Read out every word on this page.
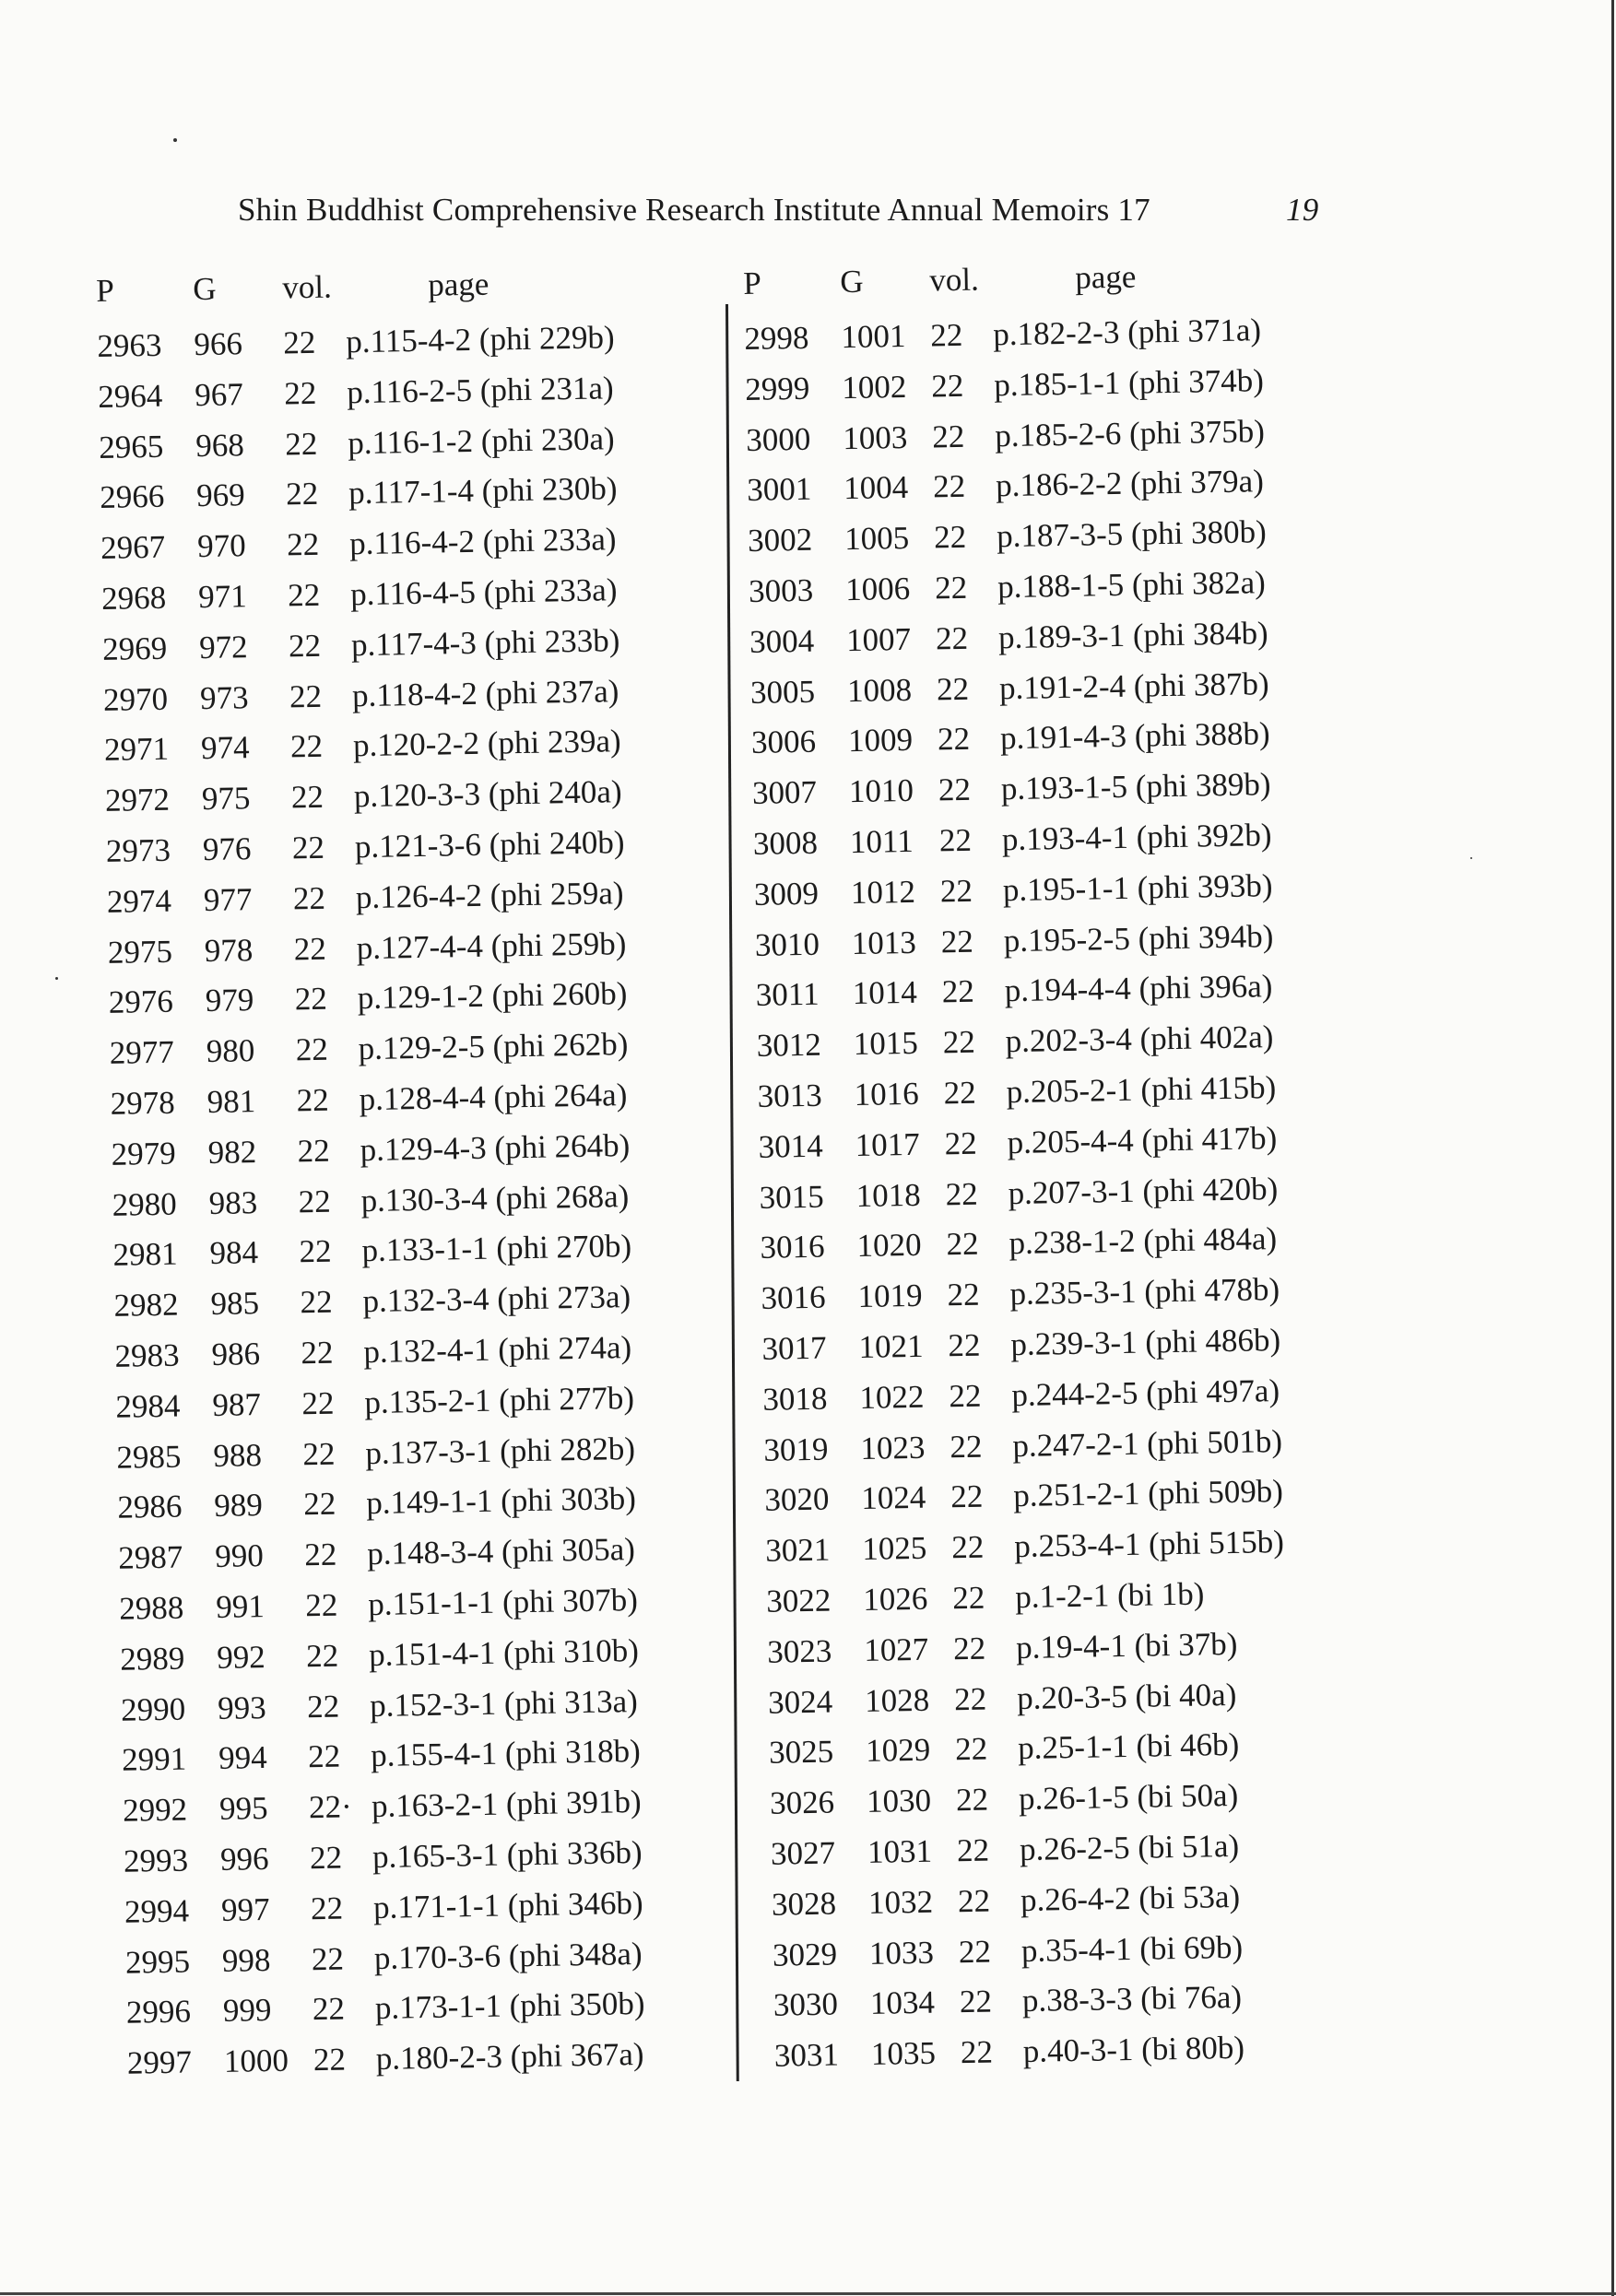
Shin Buddhist Comprehensive Research Institute Annual Memoirs 17	19
P G vol.	page
2963 966 22 p.115-4-2 (phi 229b)
2964 967 22 p.116-2-5 (phi 231a)
2965 968 22 p.116-1-2 (phi 230a)
2966 969 22 p.117-1-4 (phi 230b)
2967 970 22 p.116-4-2 (phi 233a)
2968 971 22 p.116-4-5 (phi 233a)
2969 972 22 p.117-4-3 (phi 233b)
2970 973 22 p.118-4-2 (phi 237a)
2971 974 22 p.120-2-2 (phi 239a)
2972 975 22 p.120-3-3 (phi 240a)
2973 976 22 p.121-3-6 (phi 240b)
2974 977 22 p.126-4-2 (phi 259a)
2975 978 22 p.127-4-4 (phi 259b)
2976 979 22 p.129-1-2 (phi 260b)
2977 980 22 p.129-2-5 (phi 262b)
2978 981 22 p.128-4-4 (phi 264a)
2979 982 22 p.129-4-3 (phi 264b)
2980 983 22 p.130-3-4 (phi 268a)
2981 984 22 p.133-1-1 (phi 270b)
2982 985 22 p.132-3-4 (phi 273a)
2983 986 22 p.132-4-1 (phi 274a)
2984 987 22 p.135-2-1 (phi 277b)
2985 988 22 p.137-3-1 (phi 282b)
2986 989 22 p.149-1-1 (phi 303b)
2987 990 22 p.148-3-4 (phi 305a)
2988 991 22 p.151-1-1 (phi 307b)
2989 992 22 p.151-4-1 (phi 310b)
2990 993 22 p.152-3-1 (phi 313a)
2991 994 22 p.155-4-1 (phi 318b)
2992 995 22· p.163-2-1 (phi 391b)
2993 996 22 p.165-3-1 (phi 336b)
2994 997 22 p.171-1-1 (phi 346b)
2995 998 22 p.170-3-6 (phi 348a)
2996 999 22 p.173-1-1 (phi 350b)
2997 1000 22 p.180-2-3 (phi 367a)
P G vol.	page
2998 1001 22 p.182-2-3 (phi 371a)
2999 1002 22 p.185-1-1 (phi 374b)
3000 1003 22 p.185-2-6 (phi 375b)
3001 1004 22 p.186-2-2 (phi 379a)
3002 1005 22 p.187-3-5 (phi 380b)
3003 1006 22 p.188-1-5 (phi 382a)
3004 1007 22 p.189-3-1 (phi 384b)
3005 1008 22 p.191-2-4 (phi 387b)
3006 1009 22 p.191-4-3 (phi 388b)
3007 1010 22 p.193-1-5 (phi 389b)
3008 1011 22 p.193-4-1 (phi 392b)
3009 1012 22 p.195-1-1 (phi 393b)
3010 1013 22 p.195-2-5 (phi 394b)
3011 1014 22 p.194-4-4 (phi 396a)
3012 1015 22 p.202-3-4 (phi 402a)
3013 1016 22 p.205-2-1 (phi 415b)
3014 1017 22 p.205-4-4 (phi 417b)
3015 1018 22 p.207-3-1 (phi 420b)
3016 1020 22 p.238-1-2 (phi 484a)
3016 1019 22 p.235-3-1 (phi 478b)
3017 1021 22 p.239-3-1 (phi 486b)
3018 1022 22 p.244-2-5 (phi 497a)
3019 1023 22 p.247-2-1 (phi 501b)
3020 1024 22 p.251-2-1 (phi 509b)
3021 1025 22 p.253-4-1 (phi 515b)
3022 1026 22 p.1-2-1 (bi 1b)
3023 1027 22 p.19-4-1 (bi 37b)
3024 1028 22 p.20-3-5 (bi 40a)
3025 1029 22 p.25-1-1 (bi 46b)
3026 1030 22 p.26-1-5 (bi 50a)
3027 1031 22 p.26-2-5 (bi 51a)
3028 1032 22 p.26-4-2 (bi 53a)
3029 1033 22 p.35-4-1 (bi 69b)
3030 1034 22 p.38-3-3 (bi 76a)
3031 1035 22 p.40-3-1 (bi 80b)
